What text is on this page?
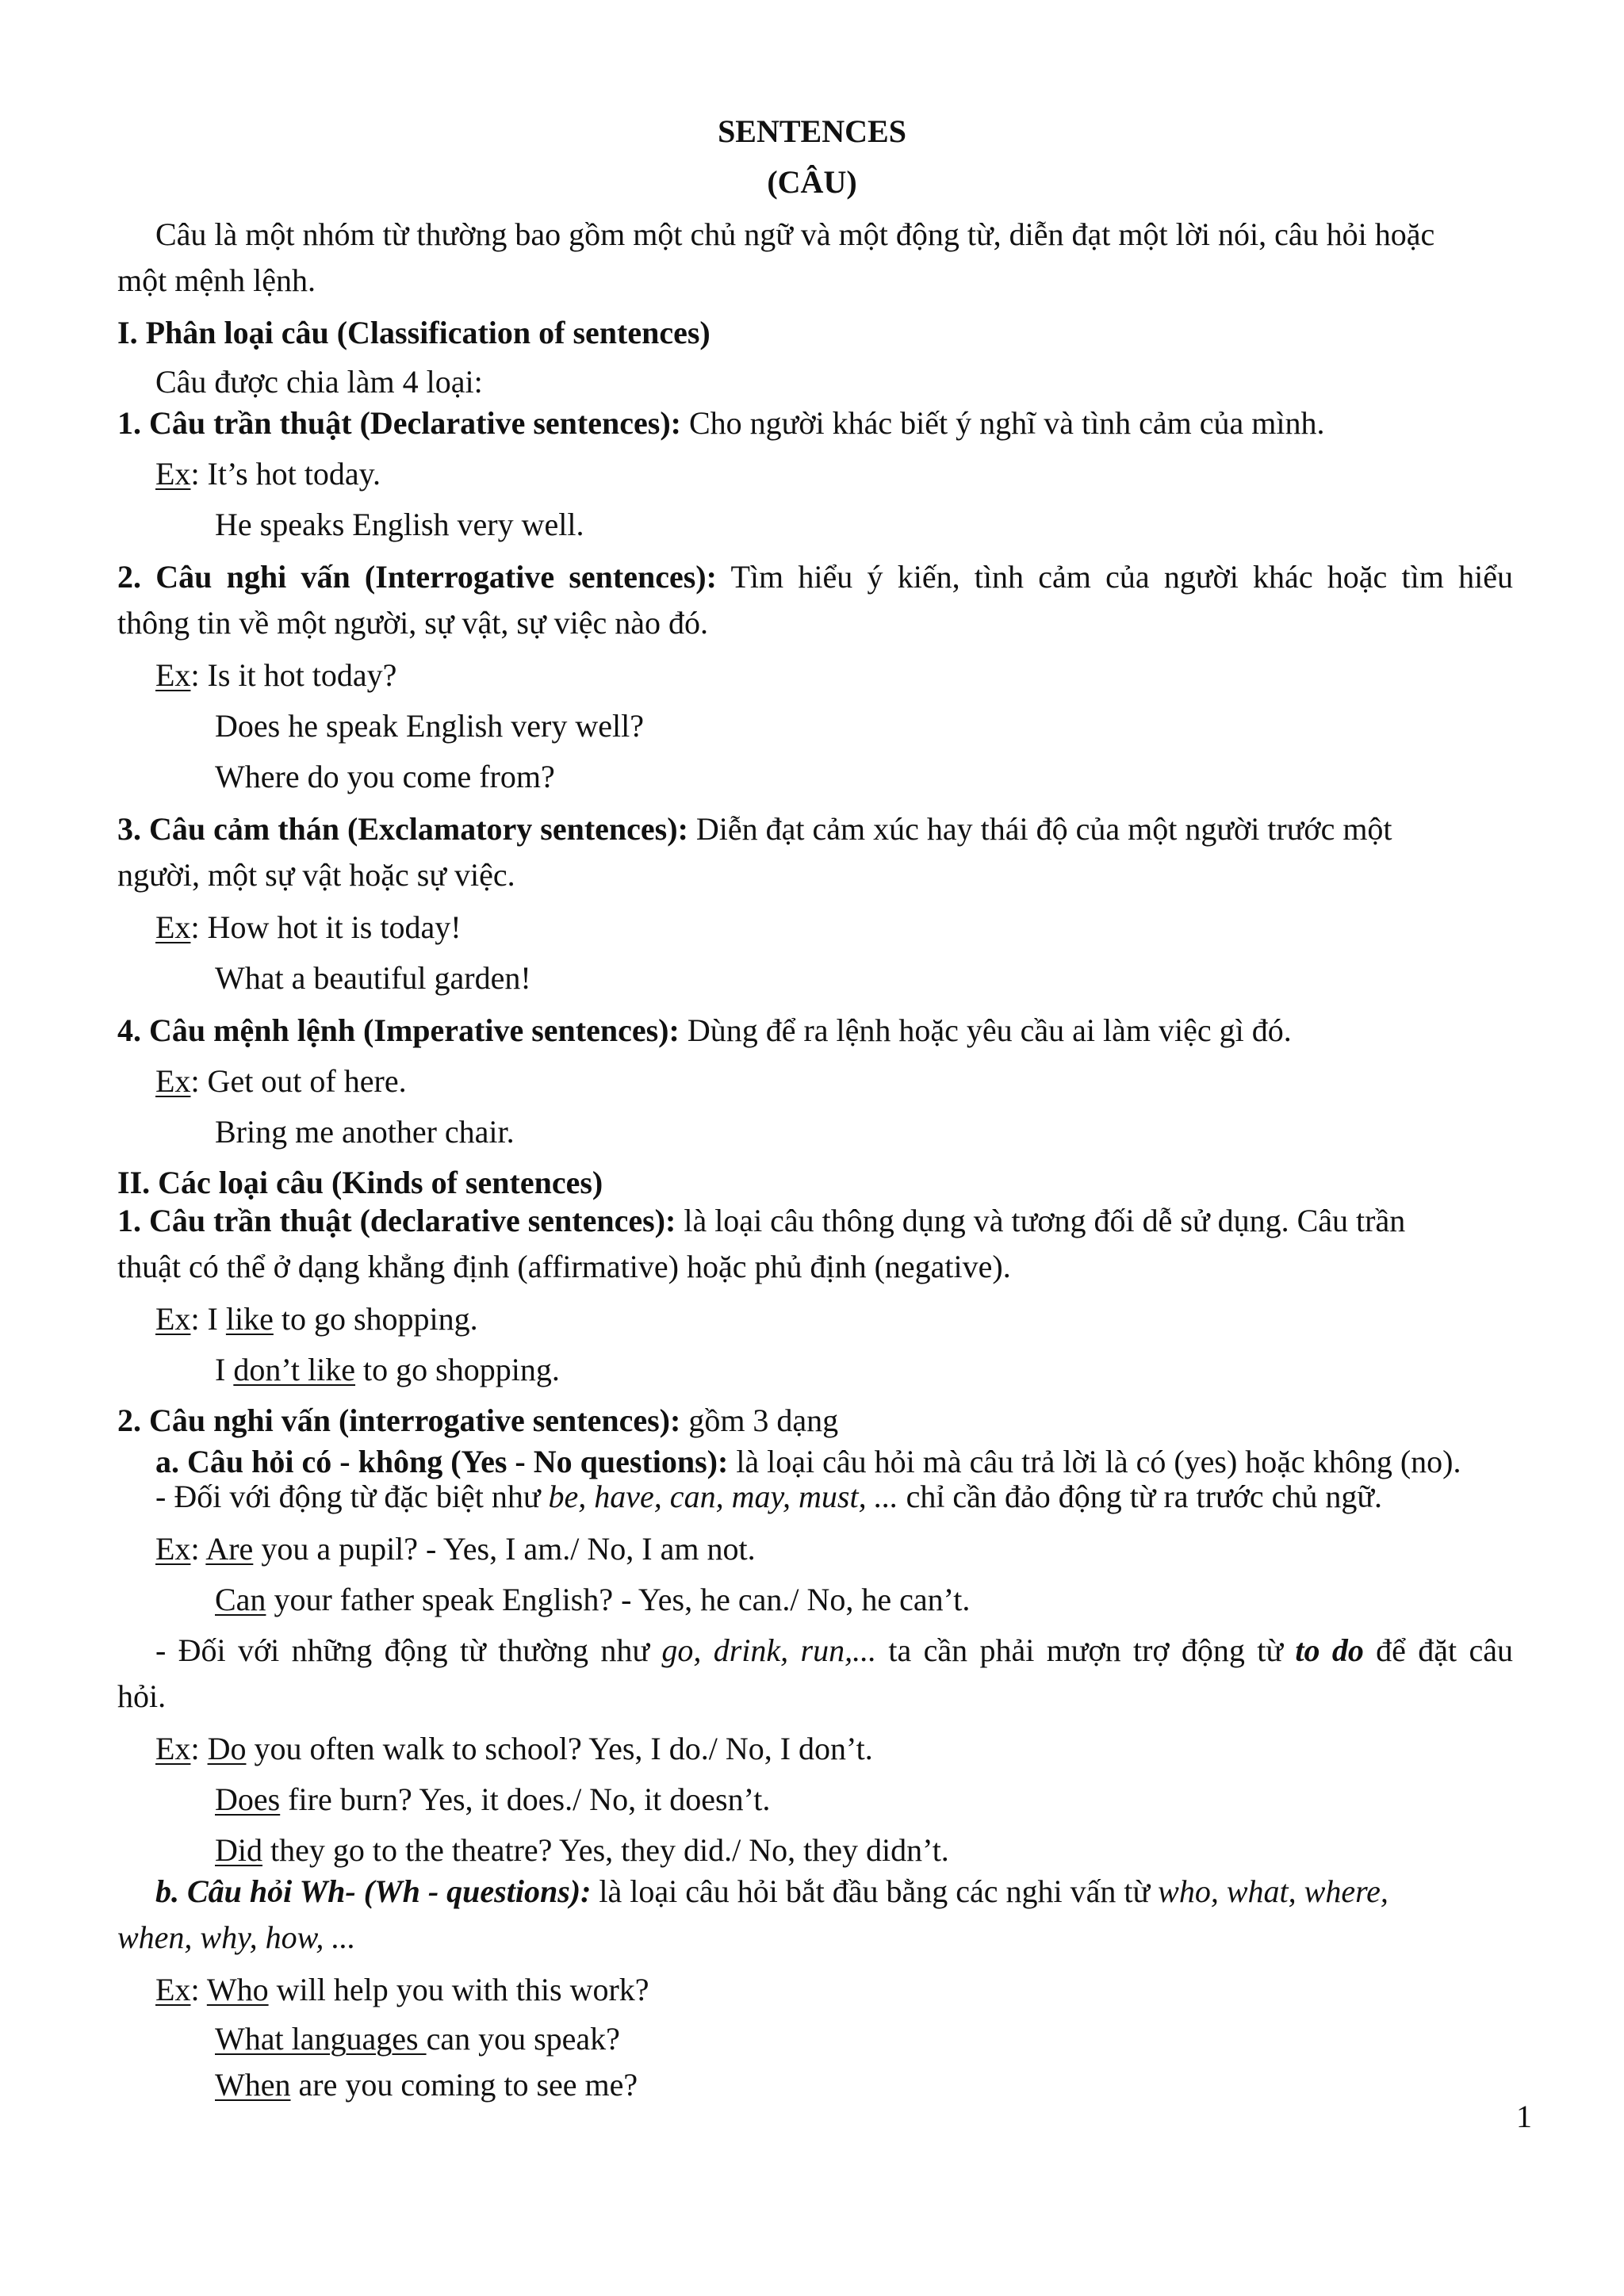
SENTENCES
(CÂU)
Câu là một nhóm từ thường bao gồm một chủ ngữ và một động từ, diễn đạt một lời nói, câu hỏi hoặc
một mệnh lệnh.
I. Phân loại câu (Classification of sentences)
Câu được chia làm 4 loại:
1. Câu trần thuật (Declarative sentences): Cho người khác biết ý nghĩ và tình cảm của mình.
Ex: It’s hot today.
He speaks English very well.
2. Câu nghi vấn (Interrogative sentences): Tìm hiểu ý kiến, tình cảm của người khác hoặc tìm hiểu
thông tin về một người, sự vật, sự việc nào đó.
Ex: Is it hot today?
Does he speak English very well?
Where do you come from?
3. Câu cảm thán (Exclamatory sentences): Diễn đạt cảm xúc hay thái độ của một người trước một
người, một sự vật hoặc sự việc.
Ex: How hot it is today!
What a beautiful garden!
4. Câu mệnh lệnh (Imperative sentences): Dùng để ra lệnh hoặc yêu cầu ai làm việc gì đó.
Ex: Get out of here.
Bring me another chair.
II. Các loại câu (Kinds of sentences)
1. Câu trần thuật (declarative sentences): là loại câu thông dụng và tương đối dễ sử dụng. Câu trần
thuật có thể ở dạng khẳng định (affirmative) hoặc phủ định (negative).
Ex: I like to go shopping.
I don’t like to go shopping.
2. Câu nghi vấn (interrogative sentences): gồm 3 dạng
a. Câu hỏi có - không (Yes - No questions): là loại câu hỏi mà câu trả lời là có (yes) hoặc không (no).
- Đối với động từ đặc biệt như be, have, can, may, must, ... chỉ cần đảo động từ ra trước chủ ngữ.
Ex: Are you a pupil? - Yes, I am./ No, I am not.
Can your father speak English? - Yes, he can./ No, he can’t.
- Đối với những động từ thường như go, drink, run,... ta cần phải mượn trợ động từ to do để đặt câu
hỏi.
Ex: Do you often walk to school? Yes, I do./ No, I don’t.
Does fire burn? Yes, it does./ No, it doesn’t.
Did they go to the theatre? Yes, they did./ No, they didn’t.
b. Câu hỏi Wh- (Wh - questions): là loại câu hỏi bắt đầu bằng các nghi vấn từ who, what, where,
when, why, how, ...
Ex: Who will help you with this work?
What languages can you speak?
When are you coming to see me?
1
